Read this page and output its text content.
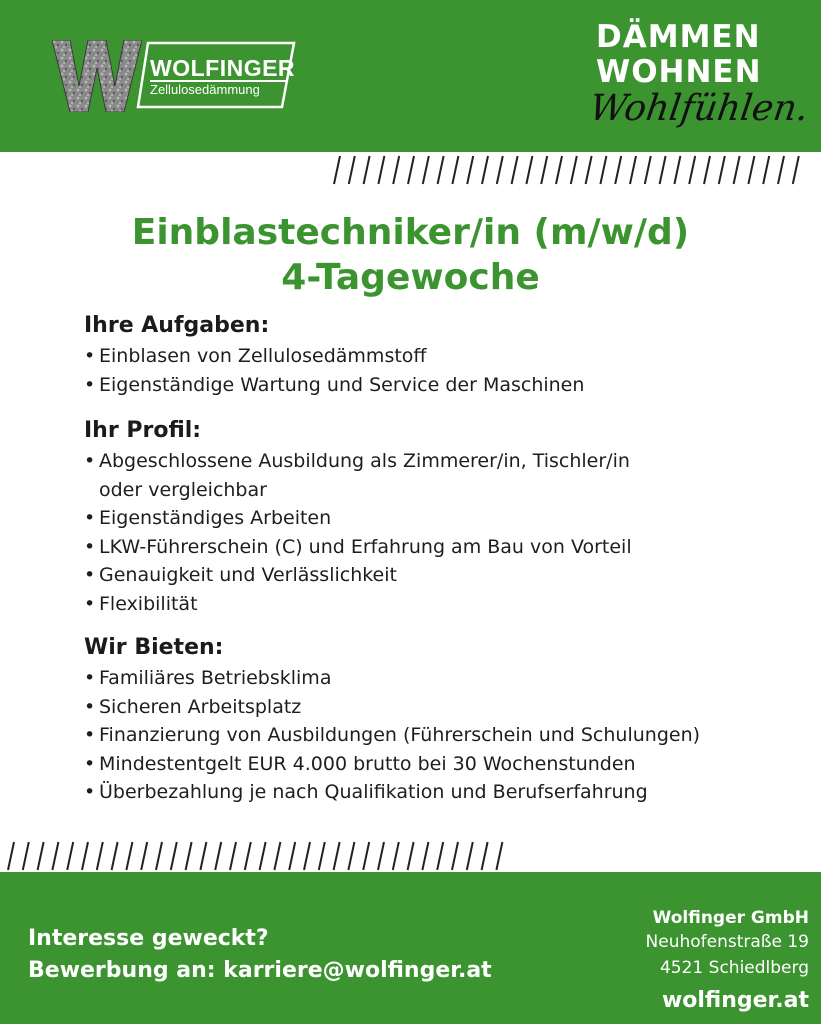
WOLFINGER
Zellulosedämmung
DÄMMEN
WOHNEN
Wohlfühlen.
Einblastechniker/in (m/w/d)
4-Tagewoche
Ihre Aufgaben:
• Einblasen von Zellulosedämmstoff
• Eigenständige Wartung und Service der Maschinen
Ihr Profil:
• Abgeschlossene Ausbildung als Zimmerer/in, Tischler/in
oder vergleichbar
• Eigenständiges Arbeiten
• LKW-Führerschein (C) und Erfahrung am Bau von Vorteil
• Genauigkeit und Verlässlichkeit
• Flexibilität
Wir Bieten:
• Familiäres Betriebsklima
• Sicheren Arbeitsplatz
• Finanzierung von Ausbildungen (Führerschein und Schulungen)
• Mindestentgelt EUR 4.000 brutto bei 30 Wochenstunden
• Überbezahlung je nach Qualifikation und Berufserfahrung
Interesse geweckt?
Bewerbung an: karriere@wolfinger.at
Wolfinger GmbH
Neuhofenstraße 19
4521 Schiedlberg
wolfinger.at
